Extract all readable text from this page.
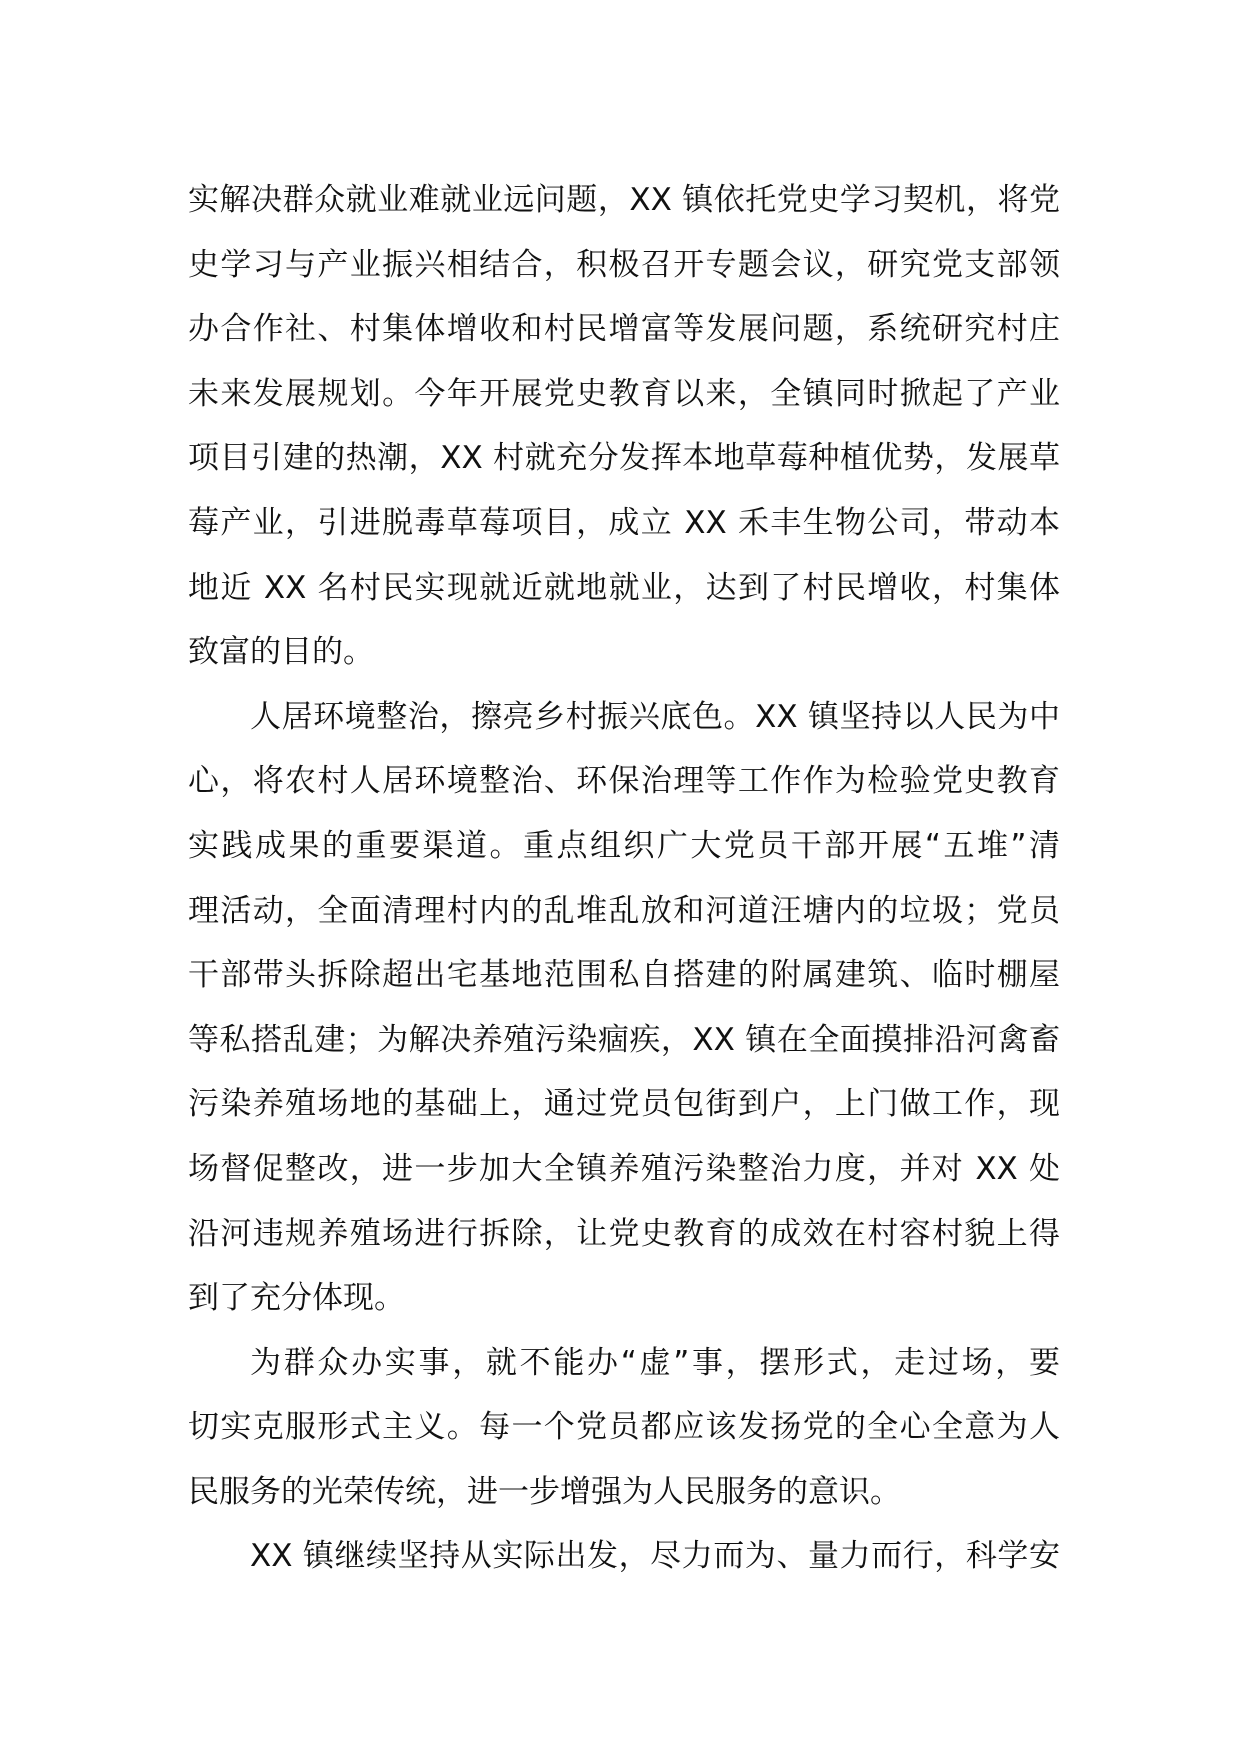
实解决群众就业难就业远问题，XX 镇依托党史学习契机，将党
史学习与产业振兴相结合，积极召开专题会议，研究党支部领
办合作社、村集体增收和村民增富等发展问题，系统研究村庄
未来发展规划。今年开展党史教育以来，全镇同时掀起了产业
项目引建的热潮，XX 村就充分发挥本地草莓种植优势，发展草
莓产业，引进脱毒草莓项目，成立 XX 禾丰生物公司，带动本
地近 XX 名村民实现就近就地就业，达到了村民增收，村集体
致富的目的。
人居环境整治，擦亮乡村振兴底色。XX 镇坚持以人民为中
心，将农村人居环境整治、环保治理等工作作为检验党史教育
实践成果的重要渠道。重点组织广大党员干部开展“五堆”清
理活动，全面清理村内的乱堆乱放和河道汪塘内的垃圾；党员
干部带头拆除超出宅基地范围私自搭建的附属建筑、临时棚屋
等私搭乱建；为解决养殖污染痼疾，XX 镇在全面摸排沿河禽畜
污染养殖场地的基础上，通过党员包街到户，上门做工作，现
场督促整改，进一步加大全镇养殖污染整治力度，并对 XX 处
沿河违规养殖场进行拆除，让党史教育的成效在村容村貌上得
到了充分体现。
为群众办实事，就不能办“虚”事，摆形式，走过场，要
切实克服形式主义。每一个党员都应该发扬党的全心全意为人
民服务的光荣传统，进一步增强为人民服务的意识。
XX 镇继续坚持从实际出发，尽力而为、量力而行，科学安
